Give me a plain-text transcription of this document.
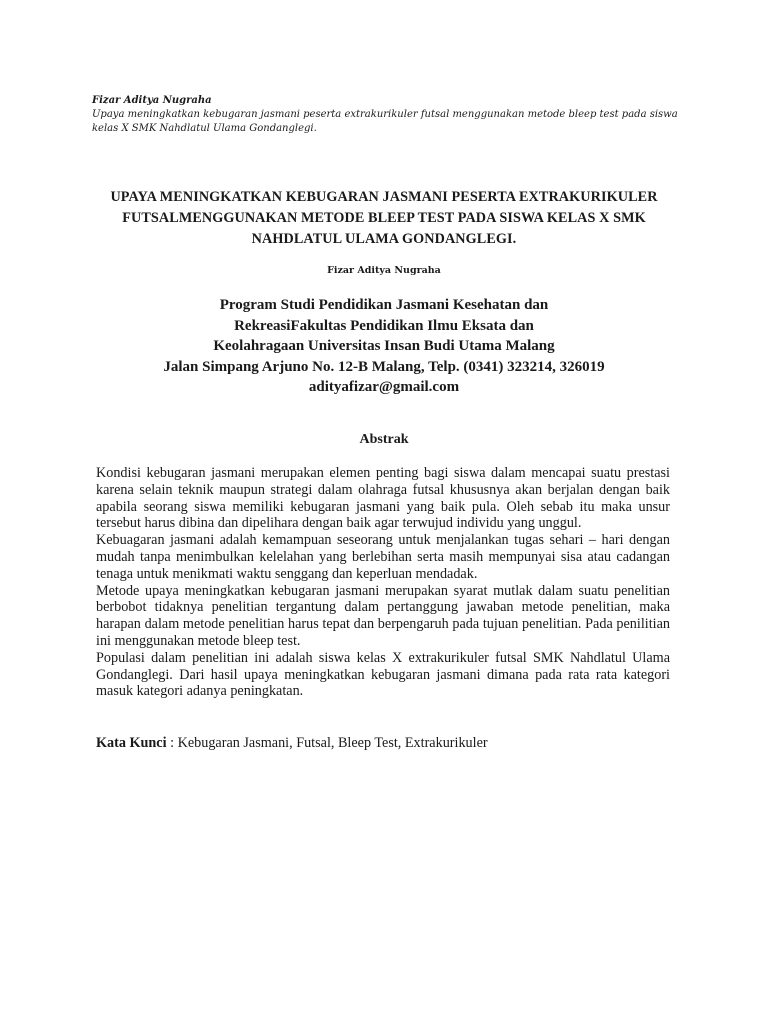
Fizar Aditya Nugraha
Upaya meningkatkan kebugaran jasmani peserta extrakurikuler futsal menggunakan metode bleep test pada siswa kelas X SMK Nahdlatul Ulama Gondanglegi.
UPAYA MENINGKATKAN KEBUGARAN JASMANI PESERTA EXTRAKURIKULER
FUTSALMENGGUNAKAN METODE BLEEP TEST PADA SISWA KELAS X SMK
NAHDLATUL ULAMA GONDANGLEGI.
Fizar Aditya Nugraha
Program Studi Pendidikan Jasmani Kesehatan dan
RekreasiFakultas Pendidikan Ilmu Eksata dan
Keolahragaan Universitas Insan Budi Utama Malang
Jalan Simpang Arjuno No. 12-B Malang, Telp. (0341) 323214, 326019
adityafizar@gmail.com
Abstrak

Kondisi kebugaran jasmani merupakan elemen penting bagi siswa dalam mencapai suatu prestasi karena selain teknik maupun strategi dalam olahraga futsal khususnya akan berjalan dengan baik apabila seorang siswa memiliki kebugaran jasmani yang baik pula. Oleh sebab itu maka unsur tersebut harus dibina dan dipelihara dengan baik agar terwujud individu yang unggul.

Kebuagaran jasmani adalah kemampuan seseorang untuk menjalankan tugas sehari – hari dengan mudah tanpa menimbulkan kelelahan yang berlebihan serta masih mempunyai sisa atau cadangan tenaga untuk menikmati waktu senggang dan keperluan mendadak.

Metode upaya meningkatkan kebugaran jasmani merupakan syarat mutlak dalam suatu penelitian berbobot tidaknya penelitian tergantung dalam pertanggung jawaban metode penelitian, maka harapan dalam metode penelitian harus tepat dan berpengaruh pada tujuan penelitian. Pada penilitian ini menggunakan metode bleep test.

Populasi dalam penelitian ini adalah siswa kelas X extrakurikuler futsal SMK Nahdlatul Ulama Gondanglegi. Dari hasil upaya meningkatkan kebugaran jasmani dimana pada rata rata kategori masuk kategori adanya peningkatan.

Kata Kunci : Kebugaran Jasmani, Futsal, Bleep Test, Extrakurikuler
